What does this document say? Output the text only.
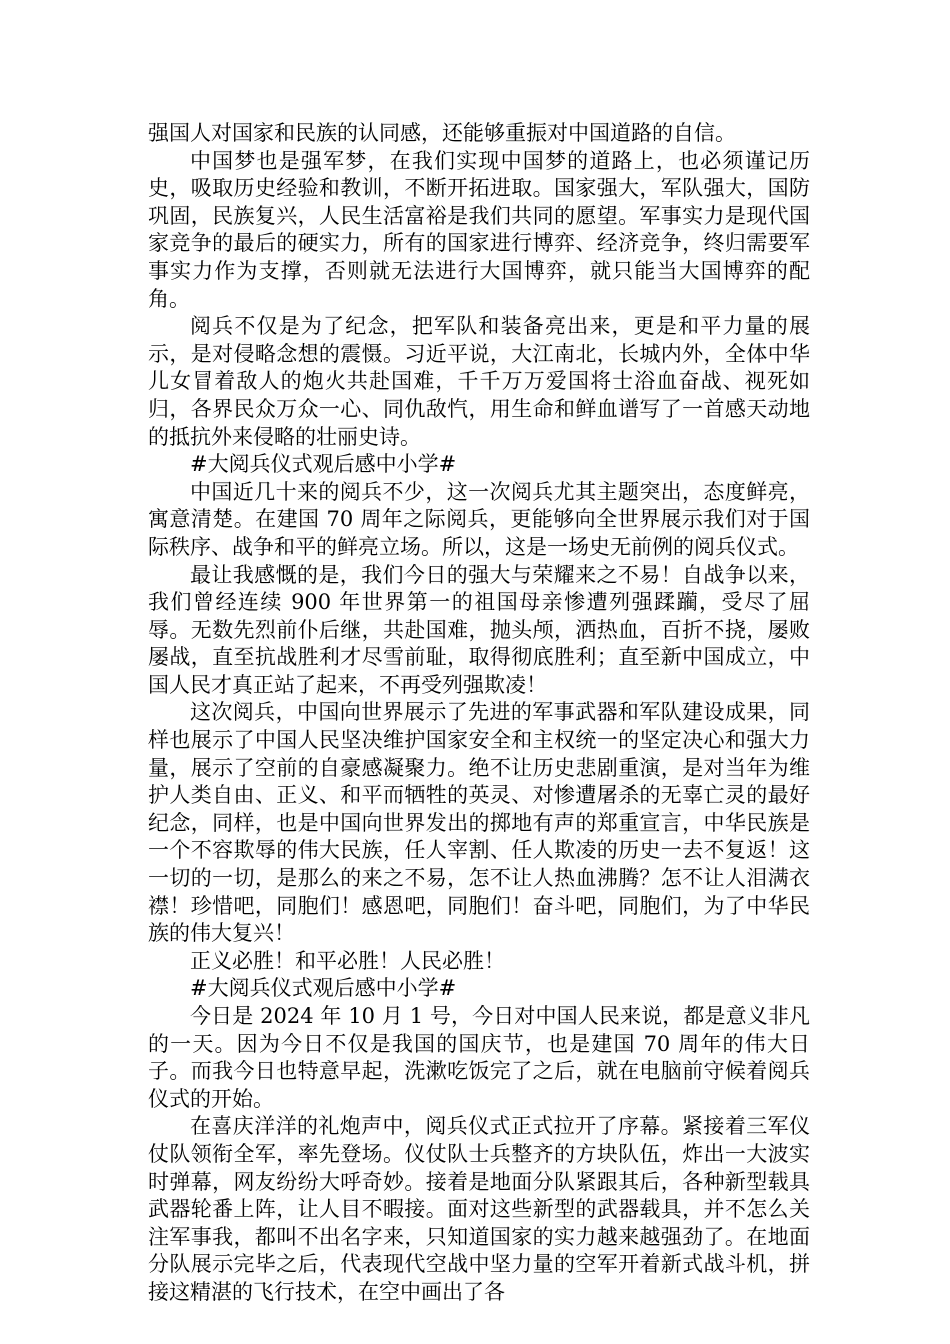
强国人对国家和民族的认同感，还能够重振对中国道路的自信。

中国梦也是强军梦，在我们实现中国梦的道路上，也必须谨记历史，吸取历史经验和教训，不断开拓进取。国家强大，军队强大，国防巩固，民族复兴，人民生活富裕是我们共同的愿望。军事实力是现代国家竞争的最后的硬实力，所有的国家进行博弈、经济竞争，终归需要军事实力作为支撑，否则就无法进行大国博弈，就只能当大国博弈的配角。

阅兵不仅是为了纪念，把军队和装备亮出来，更是和平力量的展示，是对侵略念想的震慑。习近平说，大江南北，长城内外，全体中华儿女冒着敌人的炮火共赴国难，千千万万爱国将士浴血奋战、视死如归，各界民众万众一心、同仇敌忾，用生命和鲜血谱写了一首感天动地的抵抗外来侵略的壮丽史诗。

#大阅兵仪式观后感中小学#

中国近几十来的阅兵不少，这一次阅兵尤其主题突出，态度鲜亮，寓意清楚。在建国 70 周年之际阅兵，更能够向全世界展示我们对于国际秩序、战争和平的鲜亮立场。所以，这是一场史无前例的阅兵仪式。

最让我感慨的是，我们今日的强大与荣耀来之不易！自战争以来，我们曾经连续 900 年世界第一的祖国母亲惨遭列强蹂躏，受尽了屈辱。无数先烈前仆后继，共赴国难，抛头颅，洒热血，百折不挠，屡败屡战，直至抗战胜利才尽雪前耻，取得彻底胜利；直至新中国成立，中国人民才真正站了起来，不再受列强欺凌！

这次阅兵，中国向世界展示了先进的军事武器和军队建设成果，同样也展示了中国人民坚决维护国家安全和主权统一的坚定决心和强大力量，展示了空前的自豪感凝聚力。绝不让历史悲剧重演，是对当年为维护人类自由、正义、和平而牺牲的英灵、对惨遭屠杀的无辜亡灵的最好纪念，同样，也是中国向世界发出的掷地有声的郑重宣言，中华民族是一个不容欺辱的伟大民族，任人宰割、任人欺凌的历史一去不复返！这一切的一切，是那么的来之不易，怎不让人热血沸腾？怎不让人泪满衣襟！珍惜吧，同胞们！感恩吧，同胞们！奋斗吧，同胞们，为了中华民族的伟大复兴！

正义必胜！和平必胜！人民必胜！

#大阅兵仪式观后感中小学#

今日是 2024 年 10 月 1 号，今日对中国人民来说，都是意义非凡的一天。因为今日不仅是我国的国庆节，也是建国 70 周年的伟大日子。而我今日也特意早起，洗漱吃饭完了之后，就在电脑前守候着阅兵仪式的开始。

在喜庆洋洋的礼炮声中，阅兵仪式正式拉开了序幕。紧接着三军仪仗队领衔全军，率先登场。仪仗队士兵整齐的方块队伍，炸出一大波实时弹幕，网友纷纷大呼奇妙。接着是地面分队紧跟其后，各种新型载具武器轮番上阵，让人目不暇接。面对这些新型的武器载具，并不怎么关注军事我，都叫不出名字来，只知道国家的实力越来越强劲了。在地面分队展示完毕之后，代表现代空战中坚力量的空军开着新式战斗机，拼接这精湛的飞行技术，在空中画出了各
